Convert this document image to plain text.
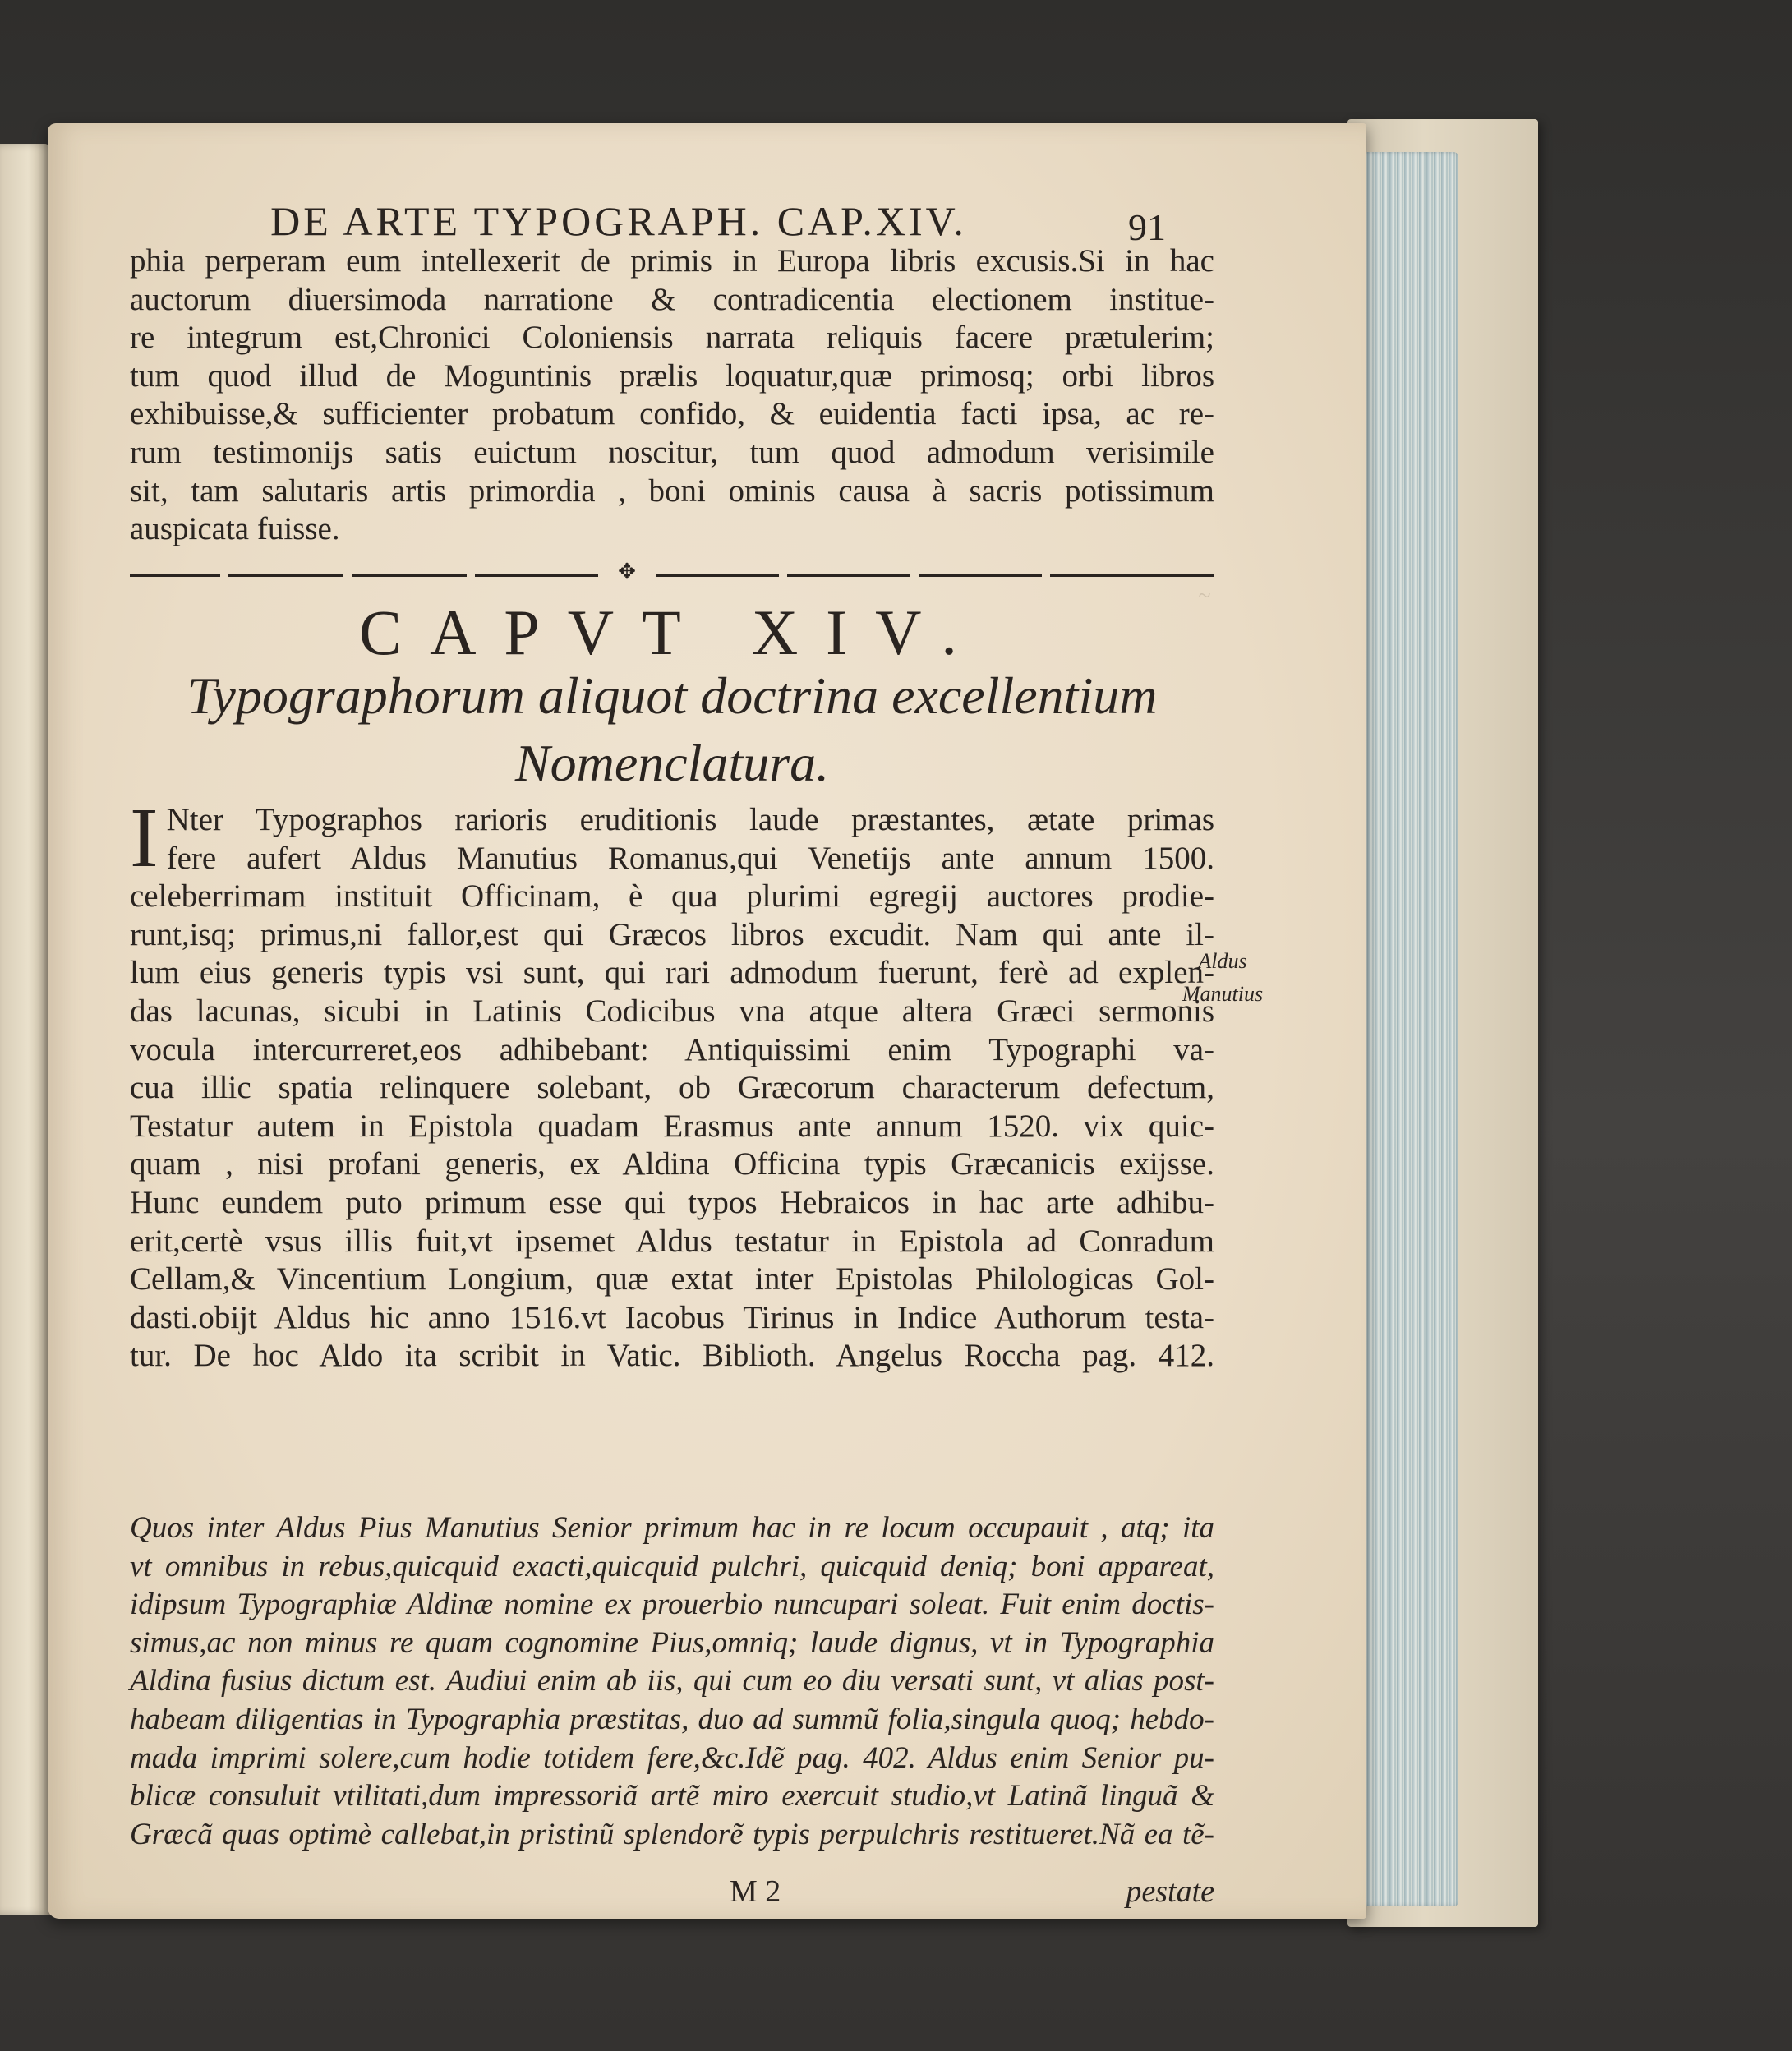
~
DE ARTE TYPOGRAPH. CAP.XIV.	91
phia perperam eum intellexerit de primis in Europa libris excusis.Si in hac
auctorum diuersimoda narratione & contradicentia electionem institue-
re integrum est,Chronici Coloniensis narrata reliquis facere prætulerim;
tum quod illud de Moguntinis prælis loquatur,quæ primosq; orbi libros
exhibuisse,& sufficienter probatum confido, & euidentia facti ipsa, ac re-
rum testimonijs satis euictum noscitur, tum quod admodum verisimile
sit, tam salutaris artis primordia , boni ominis causa à sacris potissimum
auspicata fuisse.
✥
CAPVT XIV.
Typographorum aliquot doctrina excellentium
Nomenclatura.
I Nter Typographos rarioris eruditionis laude præstantes, ætate primas
fere aufert Aldus Manutius Romanus,qui Venetijs ante annum 1500.
celeberrimam instituit Officinam, è qua plurimi egregij auctores prodie-
runt,isq; primus,ni fallor,est qui Græcos libros excudit. Nam qui ante il-
lum eius generis typis vsi sunt, qui rari admodum fuerunt, ferè ad explen-
das lacunas, sicubi in Latinis Codicibus vna atque altera Græci sermonis
vocula intercurreret,eos adhibebant: Antiquissimi enim Typographi va-
cua illic spatia relinquere solebant, ob Græcorum characterum defectum,
Testatur autem in Epistola quadam Erasmus ante annum 1520. vix quic-
quam , nisi profani generis, ex Aldina Officina typis Græcanicis exijsse.
Hunc eundem puto primum esse qui typos Hebraicos in hac arte adhibu-
erit,certè vsus illis fuit,vt ipsemet Aldus testatur in Epistola ad Conradum
Cellam,& Vincentium Longium, quæ extat inter Epistolas Philologicas Gol-
dasti.obijt Aldus hic anno 1516.vt Iacobus Tirinus in Indice Authorum testa-
tur. De hoc Aldo ita scribit in Vatic. Biblioth. Angelus Roccha pag. 412.
Quos inter Aldus Pius Manutius Senior primum hac in re locum occupauit , atq; ita
vt omnibus in rebus,quicquid exacti,quicquid pulchri, quicquid deniq; boni appareat,
idipsum Typographiæ Aldinæ nomine ex prouerbio nuncupari soleat. Fuit enim doctis-
simus,ac non minus re quam cognomine Pius,omniq; laude dignus, vt in Typographia
Aldina fusius dictum est. Audiui enim ab iis, qui cum eo diu versati sunt, vt alias post-
habeam diligentias in Typographia præstitas, duo ad summũ folia,singula quoq; hebdo-
mada imprimi solere,cum hodie totidem fere,&c.Idẽ pag. 402. Aldus enim Senior pu-
blicæ consuluit vtilitati,dum impressoriã artẽ miro exercuit studio,vt Latinã linguã &
Græcã quas optimè callebat,in pristinũ splendorẽ typis perpulchris restitueret.Nã ea tẽ-
M 2	pestate
Aldus
Manutius
